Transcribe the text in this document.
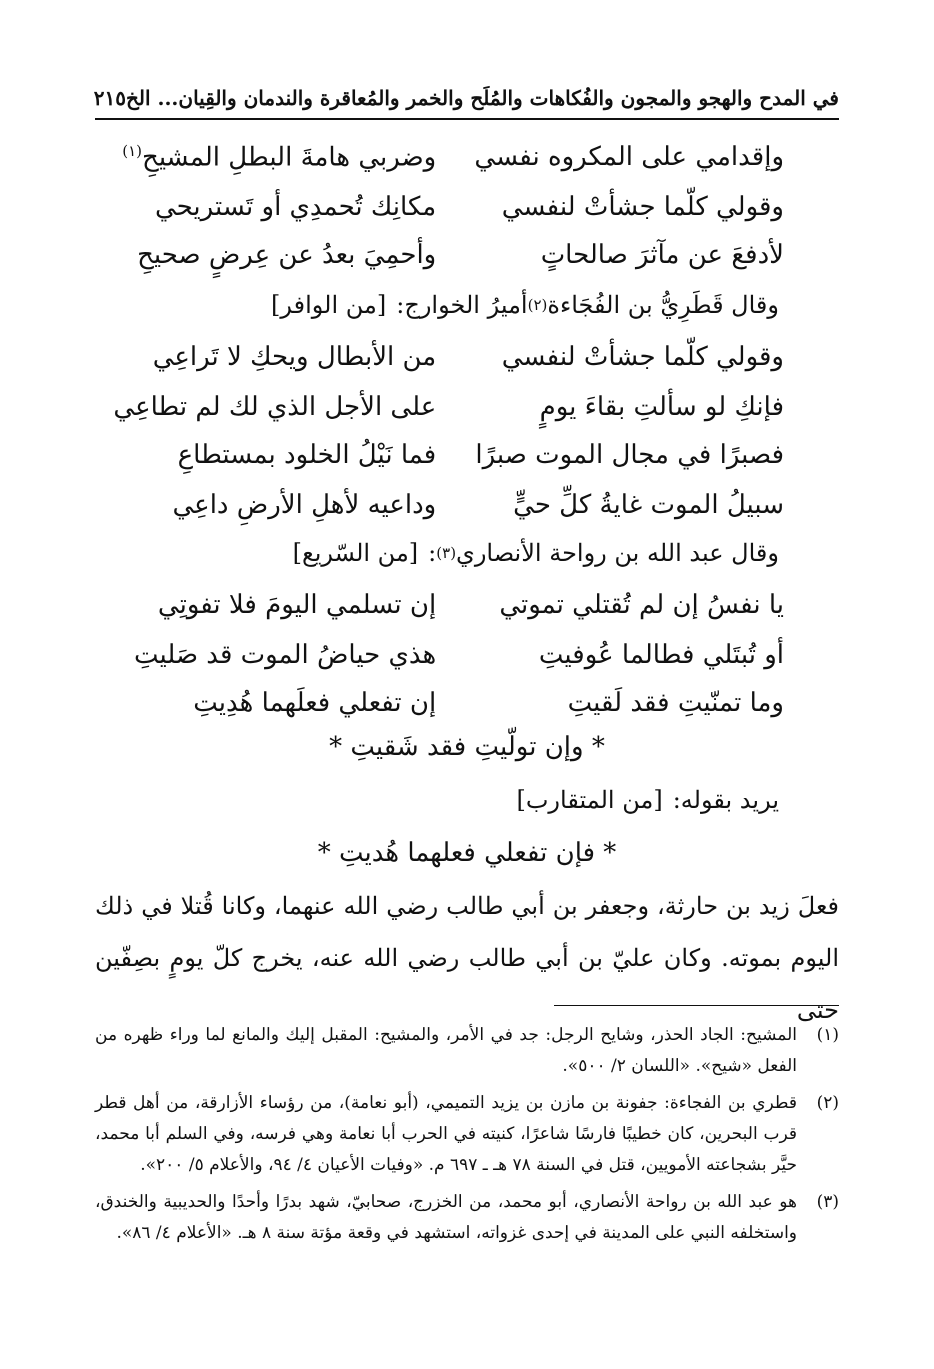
في المدح والهجو والمجون والفُكاهات والمُلَح والخمر والمُعاقرة والندمان والقِيان... الخ
٢١٥
وإقدامي على المكروه نفسي
وضربي هامةَ البطلِ المشيحِ$^{(١)}$
وقولي كلّما جشأتْ لنفسي
مكانِك تُحمدِي أو تَستريحي
لأدفعَ عن مآثرَ صالحاتٍ
وأحمِيَ بعدُ عن عِرضٍ صحيحِ
وقال قَطَرِيُّ بن الفُجَاءة
(٢)
أميرُ الخوارج:
[من الوافر]
وقولي كلّما جشأتْ لنفسي
من الأبطال ويحكِ لا تَراعِي
فإنكِ لو سألتِ بقاءَ يومٍ
على الأجل الذي لك لم تطاعِي
فصبرًا في مجال الموت صبرًا
فما نَيْلُ الخلود بمستطاعِ
سبيلُ الموت غايةُ كلِّ حيٍّ
وداعيه لأهلِ الأرضِ داعِي
وقال عبد الله بن رواحة الأنصاري
(٣)
:
[من السّريع]
يا نفسُ إن لم تُقتلي تموتي
إن تسلمي اليومَ فلا تفوتِي
أو تُبتَلي فطالما عُوفيتِ
هذي حياضُ الموت قد صَليتِ
وما تمنّيتِ فقد لَقيتِ
إن تفعلي فعلَهما هُدِيتِ
* وإن تولّيتِ فقد شَقيتِ *
يريد بقوله:
[من المتقارب]
* فإن تفعلي فعلهما هُديتِ *

فعلَ زيد بن حارثة، وجعفر بن أبي طالب رضي الله عنهما، وكانا قُتلا في ذلك اليوم بموته. وكان عليّ بن أبي طالب رضي الله عنه، يخرج كلّ يومٍ بصِفّين حتى

(١)
المشيح: الجاد الحذر، وشايح الرجل: جد في الأمر، والمشيح: المقبل إليك والمانع لما وراء ظهره من الفعل «شيح». «اللسان ٢/ ٥٠٠».
(٢)
قطري بن الفجاءة: جفونة بن مازن بن يزيد التميمي، (أبو نعامة)، من رؤساء الأزارقة، من أهل قطر قرب البحرين، كان خطيبًا فارسًا شاعرًا، كنيته في الحرب أبا نعامة وهي فرسه، وفي السلم أبا محمد، حيَّر بشجاعته الأمويين، قتل في السنة ٧٨ هـ ـ ٦٩٧ م. «وفيات الأعيان ٤/ ٩٤، والأعلام ٥/ ٢٠٠».
(٣)
هو عبد الله بن رواحة الأنصاري، أبو محمد، من الخزرج، صحابيّ، شهد بدرًا وأحدًا والحديبية والخندق، واستخلفه النبي على المدينة في إحدى غزواته، استشهد في وقعة مؤتة سنة ٨ هـ. «الأعلام ٤/ ٨٦».
